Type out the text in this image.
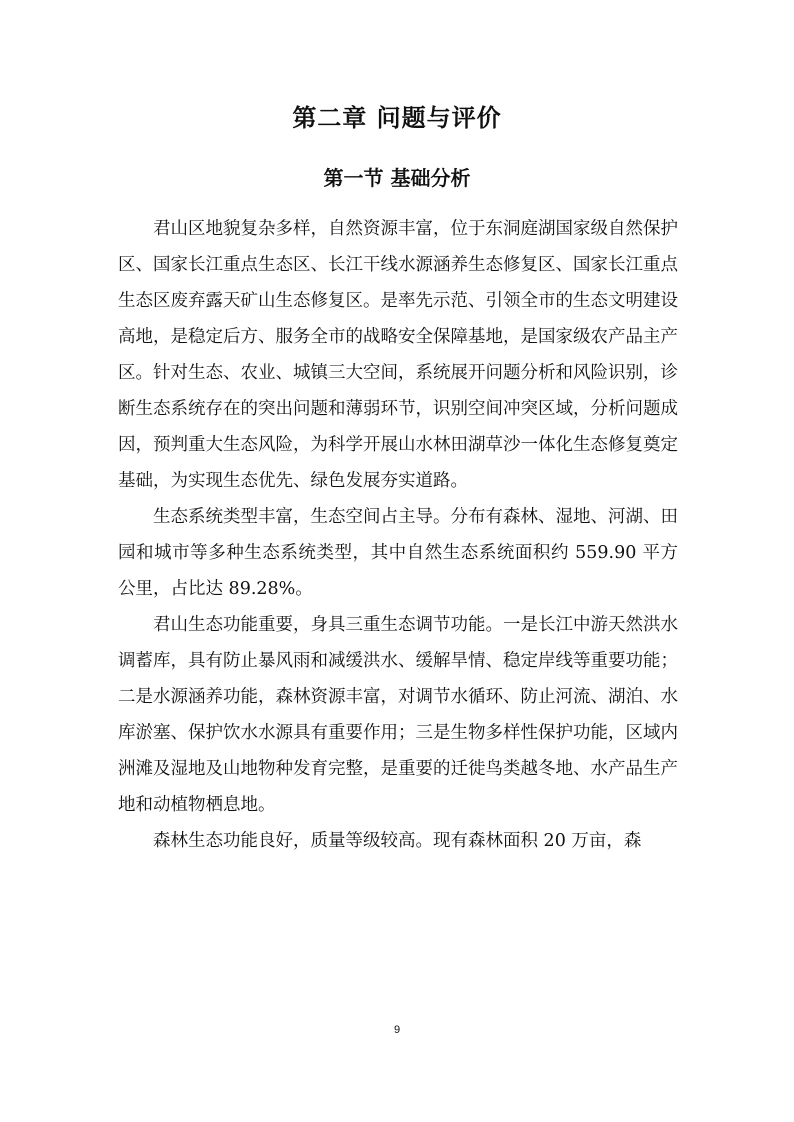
第二章 问题与评价
第一节 基础分析

君山区地貌复杂多样，自然资源丰富，位于东洞庭湖国家级自然保护区、国家长江重点生态区、长江干线水源涵养生态修复区、国家长江重点生态区废弃露天矿山生态修复区。是率先示范、引领全市的生态文明建设高地，是稳定后方、服务全市的战略安全保障基地，是国家级农产品主产区。针对生态、农业、城镇三大空间，系统展开问题分析和风险识别，诊断生态系统存在的突出问题和薄弱环节，识别空间冲突区域，分析问题成因，预判重大生态风险，为科学开展山水林田湖草沙一体化生态修复奠定基础，为实现生态优先、绿色发展夯实道路。

生态系统类型丰富，生态空间占主导。分布有森林、湿地、河湖、田园和城市等多种生态系统类型，其中自然生态系统面积约 559.90 平方公里，占比达 89.28%。

君山生态功能重要，身具三重生态调节功能。一是长江中游天然洪水调蓄库，具有防止暴风雨和减缓洪水、缓解旱情、稳定岸线等重要功能；二是水源涵养功能，森林资源丰富，对调节水循环、防止河流、湖泊、水库淤塞、保护饮水水源具有重要作用；三是生物多样性保护功能，区域内洲滩及湿地及山地物种发育完整，是重要的迁徙鸟类越冬地、水产品生产地和动植物栖息地。

森林生态功能良好，质量等级较高。现有森林面积 20 万亩，森

9
